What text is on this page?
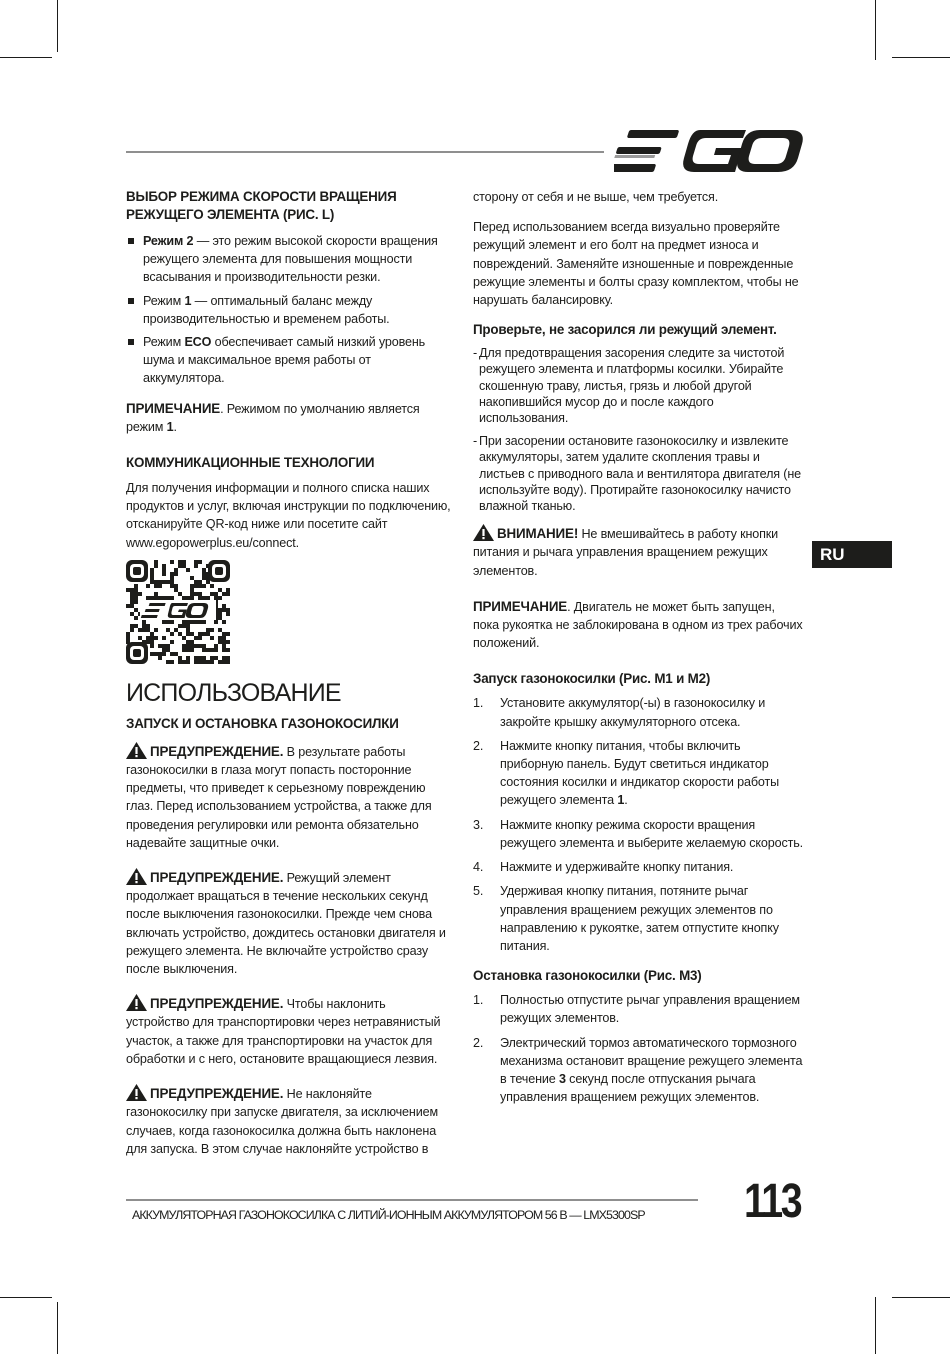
ВЫБОР РЕЖИМА СКОРОСТИ ВРАЩЕНИЯ РЕЖУЩЕГО ЭЛЕМЕНТА (РИС. L)
Режим 2 — это режим высокой скорости вращения режущего элемента для повышения мощности всасывания и производительности резки.
Режим 1 — оптимальный баланс между производительностью и временем работы.
Режим ECO обеспечивает самый низкий уровень шума и максимальное время работы от аккумулятора.

ПРИМЕЧАНИЕ. Режимом по умолчанию является режим 1.

КОММУНИКАЦИОННЫЕ ТЕХНОЛОГИИ

Для получения информации и полного списка наших продуктов и услуг, включая инструкции по подключению, отсканируйте QR-код ниже или посетите сайт www.egopowerplus.eu/connect.

ИСПОЛЬЗОВАНИЕ
ЗАПУСК И ОСТАНОВКА ГАЗОНОКОСИЛКИ

ПРЕДУПРЕЖДЕНИЕ. В результате работы газонокосилки в глаза могут попасть посторонние предметы, что приведет к серьезному повреждению глаз. Перед использованием устройства, а также для проведения регулировки или ремонта обязательно надевайте защитные очки.

ПРЕДУПРЕЖДЕНИЕ. Режущий элемент продолжает вращаться в течение нескольких секунд после выключения газонокосилки. Прежде чем снова включать устройство, дождитесь остановки двигателя и режущего элемента. Не включайте устройство сразу после выключения.

ПРЕДУПРЕЖДЕНИЕ. Чтобы наклонить устройство для транспортировки через нетравянистый участок, а также для транспортировки на участок для обработки и с него, остановите вращающиеся лезвия.

ПРЕДУПРЕЖДЕНИЕ. Не наклоняйте газонокосилку при запуске двигателя, за исключением случаев, когда газонокосилка должна быть наклонена для запуска. В этом случае наклоняйте устройство в

сторону от себя и не выше, чем требуется.

Перед использованием всегда визуально проверяйте режущий элемент и его болт на предмет износа и повреждений. Заменяйте изношенные и поврежденные режущие элементы и болты сразу комплектом, чтобы не нарушать балансировку.

Проверьте, не засорился ли режущий элемент.
- Для предотвращения засорения следите за чистотой режущего элемента и платформы косилки. Убирайте скошенную траву, листья, грязь и любой другой накопившийся мусор до и после каждого использования.
- При засорении остановите газонокосилку и извлеките аккумуляторы, затем удалите скопления травы и листьев с приводного вала и вентилятора двигателя (не используйте воду). Протирайте газонокосилку начисто влажной тканью.

ВНИМАНИЕ! Не вмешивайтесь в работу кнопки питания и рычага управления вращением режущих элементов.

ПРИМЕЧАНИЕ. Двигатель не может быть запущен, пока рукоятка не заблокирована в одном из трех рабочих положений.

Запуск газонокосилки (Рис. M1 и M2)
1. Установите аккумулятор(-ы) в газонокосилку и закройте крышку аккумуляторного отсека.
2. Нажмите кнопку питания, чтобы включить приборную панель. Будут светиться индикатор состояния косилки и индикатор скорости работы режущего элемента 1.
3. Нажмите кнопку режима скорости вращения режущего элемента и выберите желаемую скорость.
4. Нажмите и удерживайте кнопку питания.
5. Удерживая кнопку питания, потяните рычаг управления вращением режущих элементов по направлению к рукоятке, затем отпустите кнопку питания.
Остановка газонокосилки (Рис. M3)
1. Полностью отпустите рычаг управления вращением режущих элементов.
2. Электрический тормоз автоматического тормозного механизма остановит вращение режущего элемента в течение 3 секунд после отпускания рычага управления вращением режущих элементов.
RU
АККУМУЛЯТОРНАЯ ГАЗОНОКОСИЛКА С ЛИТИЙ-ИОННЫМ АККУМУЛЯТОРОМ 56 В — LMX5300SP	113
